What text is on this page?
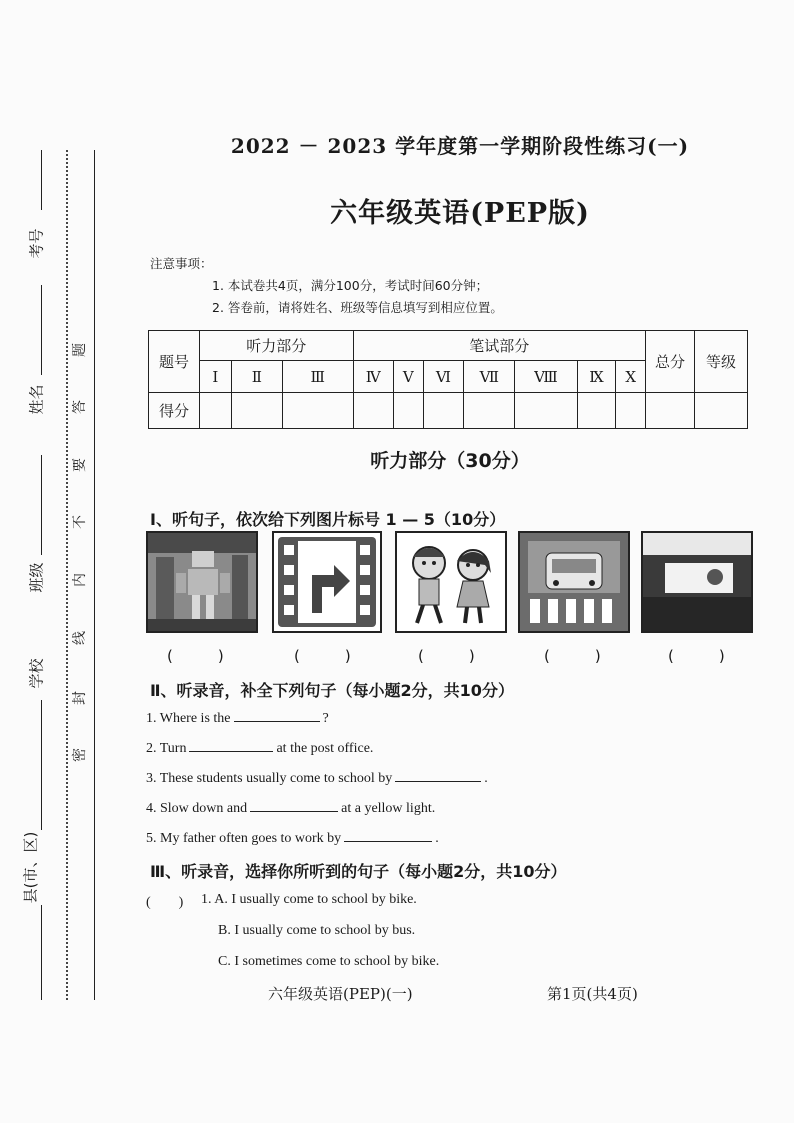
考号
姓名
班级
学校
县(市、区)
题
答
要
不
内
线
封
密
2022 － 2023 学年度第一学期阶段性练习(一)
六年级英语(PEP版)
注意事项：
1. 本试卷共4页，满分100分，考试时间60分钟；
2. 答卷前，请将姓名、班级等信息填写到相应位置。
题号	听力部分			笔试部分							总分	等级
	Ⅰ	Ⅱ	Ⅲ	Ⅳ	Ⅴ	Ⅵ	Ⅶ	Ⅷ	Ⅸ	Ⅹ		
得分												
听力部分（30分）
Ⅰ、听句子，依次给下列图片标号 1 — 5（10分）
(　　　)	(　　　)	(　　　)	(　　　)	(　　　)
Ⅱ、听录音，补全下列句子（每小题2分，共10分）
1. Where is the	?
2. Turn	at the post office.
3. These students usually come to school by	.
4. Slow down and	at a yellow light.
5. My father often goes to work by	.
Ⅲ、听录音，选择你所听到的句子（每小题2分，共10分）
(　　) 1. A. I usually come to school by bike.
B. I usually come to school by bus.
C. I sometimes come to school by bike.
六年级英语(PEP)(一)	第1页(共4页)
